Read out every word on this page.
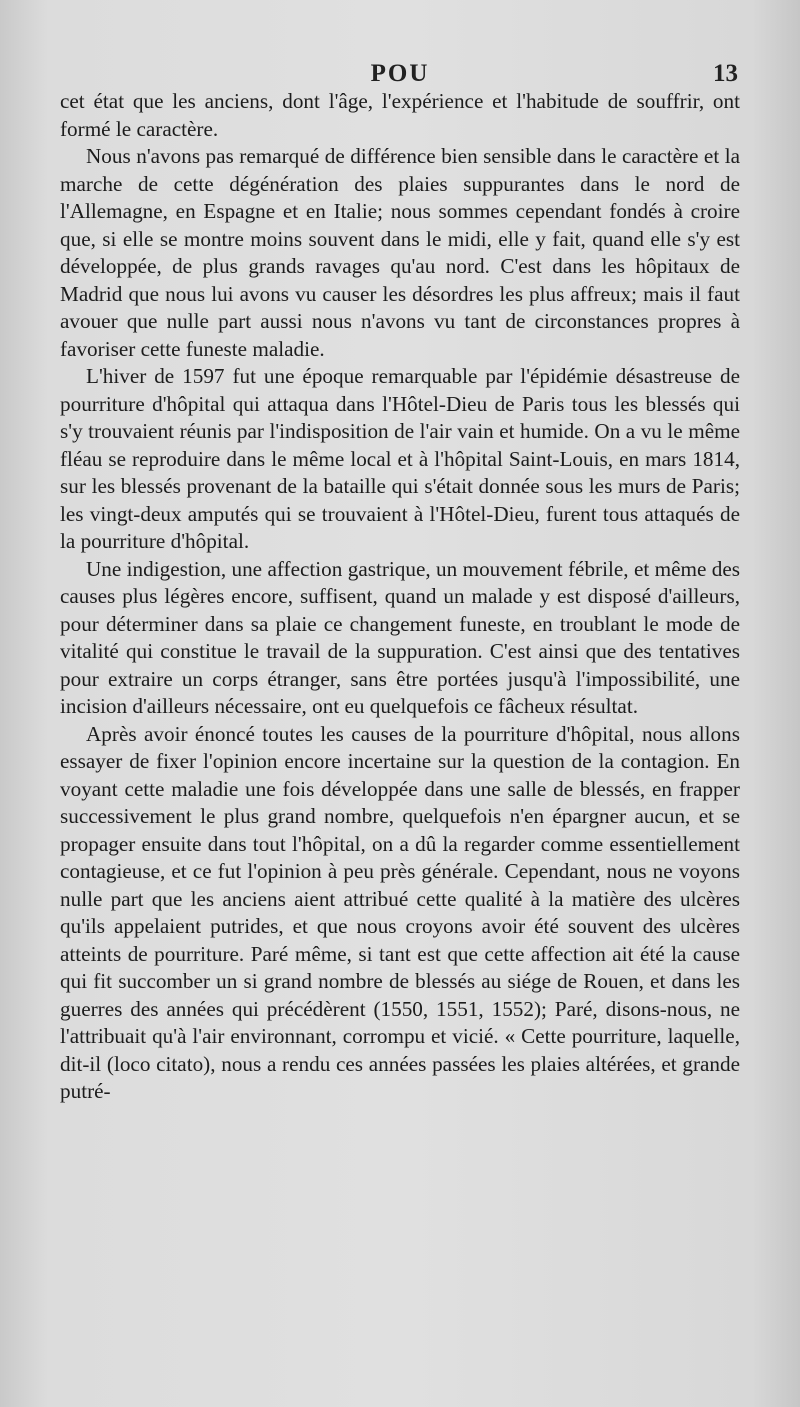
POU	13

cet état que les anciens, dont l'âge, l'expérience et l'habitude de souffrir, ont formé le caractère.

Nous n'avons pas remarqué de différence bien sensible dans le caractère et la marche de cette dégénération des plaies suppurantes dans le nord de l'Allemagne, en Espagne et en Italie; nous sommes cependant fondés à croire que, si elle se montre moins souvent dans le midi, elle y fait, quand elle s'y est développée, de plus grands ravages qu'au nord. C'est dans les hôpitaux de Madrid que nous lui avons vu causer les désordres les plus affreux; mais il faut avouer que nulle part aussi nous n'avons vu tant de circonstances propres à favoriser cette funeste maladie.

L'hiver de 1597 fut une époque remarquable par l'épidémie désastreuse de pourriture d'hôpital qui attaqua dans l'Hôtel-Dieu de Paris tous les blessés qui s'y trouvaient réunis par l'indisposition de l'air vain et humide. On a vu le même fléau se reproduire dans le même local et à l'hôpital Saint-Louis, en mars 1814, sur les blessés provenant de la bataille qui s'était donnée sous les murs de Paris; les vingt-deux amputés qui se trouvaient à l'Hôtel-Dieu, furent tous attaqués de la pourriture d'hôpital.

Une indigestion, une affection gastrique, un mouvement fébrile, et même des causes plus légères encore, suffisent, quand un malade y est disposé d'ailleurs, pour déterminer dans sa plaie ce changement funeste, en troublant le mode de vitalité qui constitue le travail de la suppuration. C'est ainsi que des tentatives pour extraire un corps étranger, sans être portées jusqu'à l'impossibilité, une incision d'ailleurs nécessaire, ont eu quelquefois ce fâcheux résultat.

Après avoir énoncé toutes les causes de la pourriture d'hôpital, nous allons essayer de fixer l'opinion encore incertaine sur la question de la contagion. En voyant cette maladie une fois développée dans une salle de blessés, en frapper successivement le plus grand nombre, quelquefois n'en épargner aucun, et se propager ensuite dans tout l'hôpital, on a dû la regarder comme essentiellement contagieuse, et ce fut l'opinion à peu près générale. Cependant, nous ne voyons nulle part que les anciens aient attribué cette qualité à la matière des ulcères qu'ils appelaient putrides, et que nous croyons avoir été souvent des ulcères atteints de pourriture. Paré même, si tant est que cette affection ait été la cause qui fit succomber un si grand nombre de blessés au siége de Rouen, et dans les guerres des années qui précédèrent (1550, 1551, 1552); Paré, disons-nous, ne l'attribuait qu'à l'air environnant, corrompu et vicié. « Cette pourriture, laquelle, dit-il (loco citato), nous a rendu ces années passées les plaies altérées, et grande putré-
